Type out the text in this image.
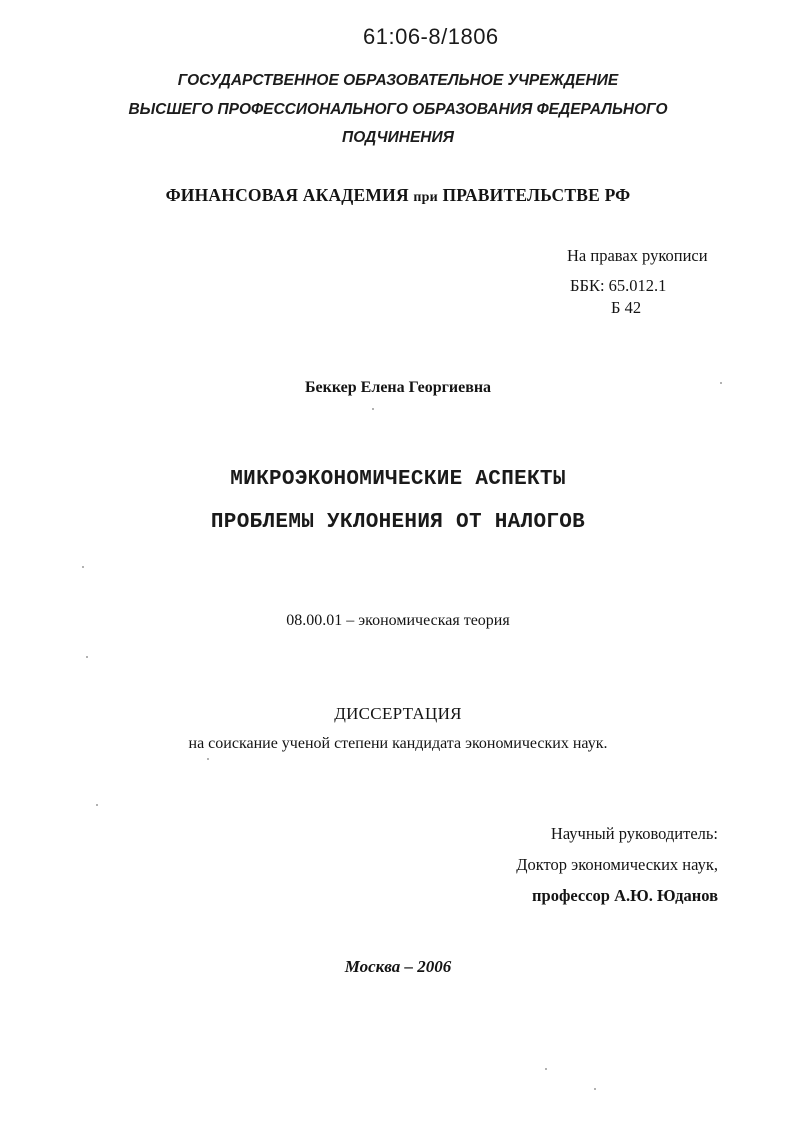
61:06-8/1806
ГОСУДАРСТВЕННОЕ ОБРАЗОВАТЕЛЬНОЕ УЧРЕЖДЕНИЕ
ВЫСШЕГО ПРОФЕССИОНАЛЬНОГО ОБРАЗОВАНИЯ ФЕДЕРАЛЬНОГО
ПОДЧИНЕНИЯ
ФИНАНСОВАЯ АКАДЕМИЯ при ПРАВИТЕЛЬСТВЕ РФ
На правах рукописи
ББК: 65.012.1
Б 42
Беккер Елена Георгиевна
МИКРОЭКОНОМИЧЕСКИЕ АСПЕКТЫ
ПРОБЛЕМЫ УКЛОНЕНИЯ ОТ НАЛОГОВ
08.00.01 – экономическая теория
ДИССЕРТАЦИЯ
на соискание ученой степени кандидата экономических наук.
Научный руководитель:
Доктор экономических наук,
профессор А.Ю. Юданов
Москва – 2006
